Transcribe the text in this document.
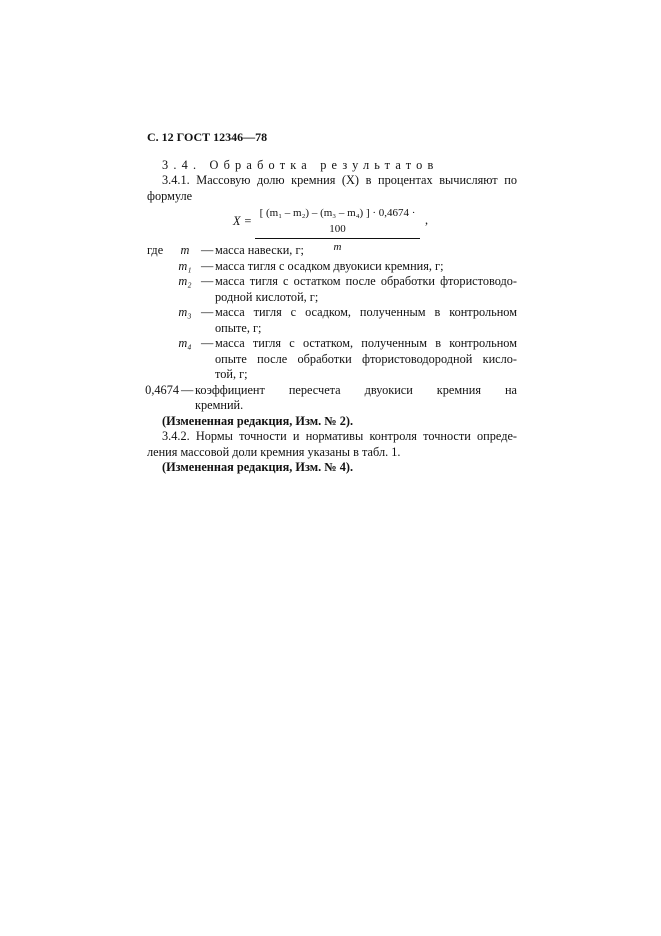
С. 12 ГОСТ 12346—78

3.4. Обработка результатов

3.4.1. Массовую долю кремния (X) в процентах вычисляют по

формуле

$X = \frac{\text{[ (m₁ – m₂) – (m₃ – m₄) ] · 0,4674 · 100}}{m}$ ,
где	m — масса навески, г;
m₁ — масса тигля с осадком двуокиси кремния, г;
m₂ — масса тигля с остатком после обработки фтористоводо-
родной кислотой, г;
m₃ — масса тигля с осадком, полученным в контрольном
опыте, г;
m₄ — масса тигля с остатком, полученным в контрольном
опыте после обработки фтористоводородной кисло-
той, г;
0,4674 — коэффициент пересчета двуокиси кремния на
кремний.

(Измененная редакция, Изм. № 2).

3.4.2. Нормы точности и нормативы контроля точности опреде-

ления массовой доли кремния указаны в табл. 1.

(Измененная редакция, Изм. № 4).
